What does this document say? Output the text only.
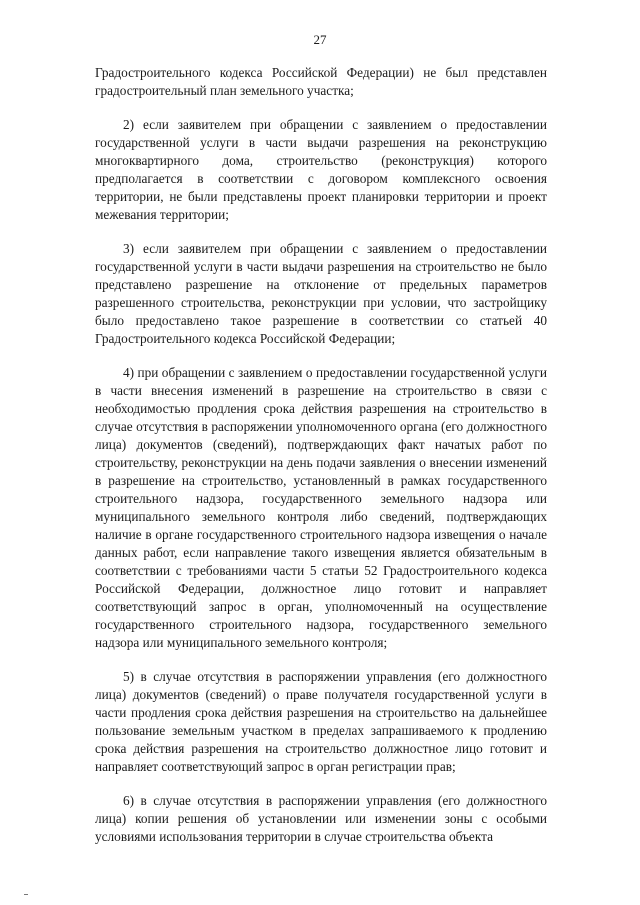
27

Градостроительного кодекса Российской Федерации) не был представлен градостроительный план земельного участка;

2) если заявителем при обращении с заявлением о предоставлении государственной услуги в части выдачи разрешения на реконструкцию многоквартирного дома, строительство (реконструкция) которого предполагается в соответствии с договором комплексного освоения территории, не были представлены проект планировки территории и проект межевания территории;

3) если заявителем при обращении с заявлением о предоставлении государственной услуги в части выдачи разрешения на строительство не было представлено разрешение на отклонение от предельных параметров разрешенного строительства, реконструкции при условии, что застройщику было предоставлено такое разрешение в соответствии со статьей 40 Градостроительного кодекса Российской Федерации;

4) при обращении с заявлением о предоставлении государственной услуги в части внесения изменений в разрешение на строительство в связи с необходимостью продления срока действия разрешения на строительство в случае отсутствия в распоряжении уполномоченного органа (его должностного лица) документов (сведений), подтверждающих факт начатых работ по строительству, реконструкции на день подачи заявления о внесении изменений в разрешение на строительство, установленный в рамках государственного строительного надзора, государственного земельного надзора или муниципального земельного контроля либо сведений, подтверждающих наличие в органе государственного строительного надзора извещения о начале данных работ, если направление такого извещения является обязательным в соответствии с требованиями части 5 статьи 52 Градостроительного кодекса Российской Федерации, должностное лицо готовит и направляет соответствующий запрос в орган, уполномоченный на осуществление государственного строительного надзора, государственного земельного надзора или муниципального земельного контроля;

5) в случае отсутствия в распоряжении управления (его должностного лица) документов (сведений) о праве получателя государственной услуги в части продления срока действия разрешения на строительство на дальнейшее пользование земельным участком в пределах запрашиваемого к продлению срока действия разрешения на строительство должностное лицо готовит и направляет соответствующий запрос в орган регистрации прав;

6) в случае отсутствия в распоряжении управления (его должностного лица) копии решения об установлении или изменении зоны с особыми условиями использования территории в случае строительства объекта
